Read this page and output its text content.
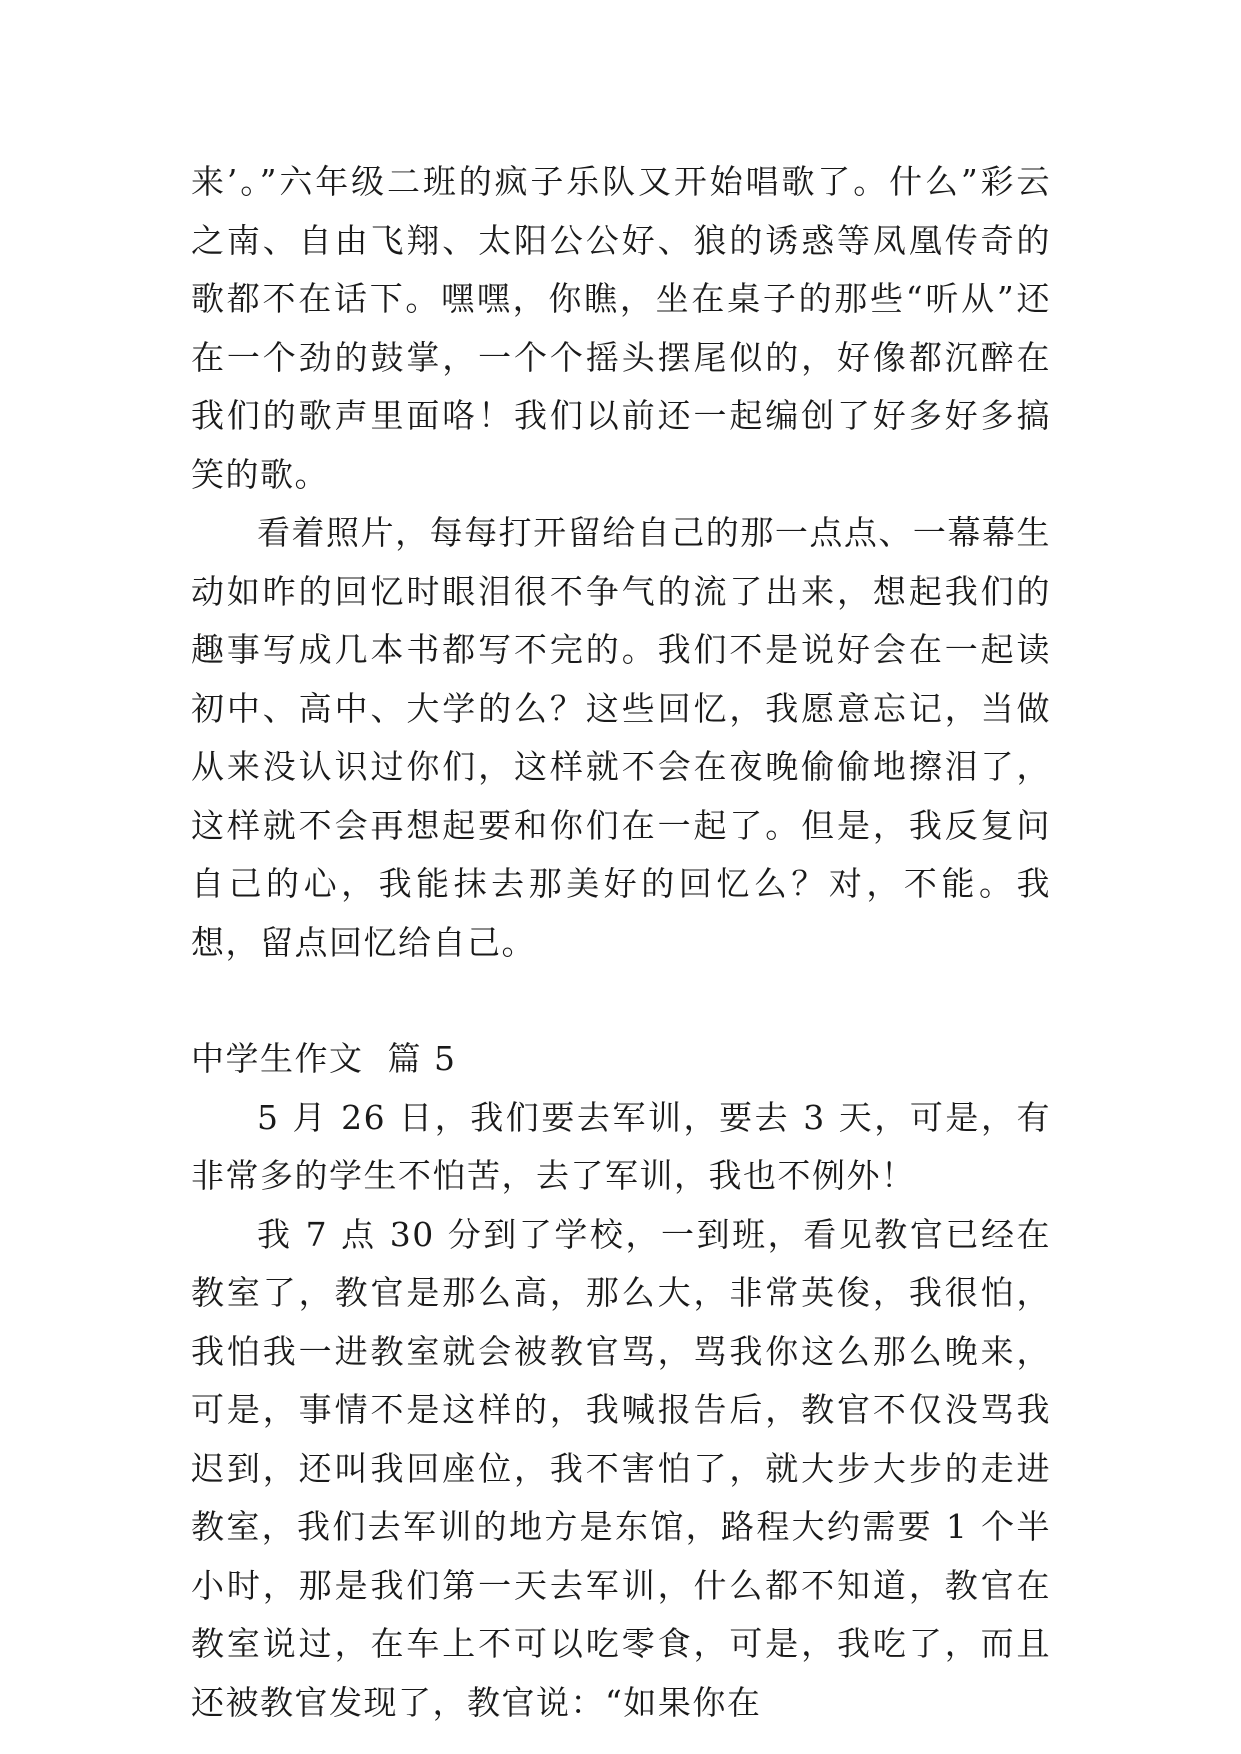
来’。”六年级二班的疯子乐队又开始唱歌了。什么”彩云之南、自由飞翔、太阳公公好、狼的诱惑等凤凰传奇的歌都不在话下。嘿嘿，你瞧，坐在桌子的那些“听从”还在一个劲的鼓掌，一个个摇头摆尾似的，好像都沉醉在我们的歌声里面咯！我们以前还一起编创了好多好多搞笑的歌。

看着照片，每每打开留给自己的那一点点、一幕幕生动如昨的回忆时眼泪很不争气的流了出来，想起我们的趣事写成几本书都写不完的。我们不是说好会在一起读初中、高中、大学的么？这些回忆，我愿意忘记，当做从来没认识过你们，这样就不会在夜晚偷偷地擦泪了，这样就不会再想起要和你们在一起了。但是，我反复问自己的心，我能抹去那美好的回忆么？对，不能。我想，留点回忆给自己。

中学生作文  篇 5

5 月 26 日，我们要去军训，要去 3 天，可是，有非常多的学生不怕苦，去了军训，我也不例外！

我 7 点 30 分到了学校，一到班，看见教官已经在教室了，教官是那么高，那么大，非常英俊，我很怕，我怕我一进教室就会被教官骂，骂我你这么那么晚来，可是，事情不是这样的，我喊报告后，教官不仅没骂我迟到，还叫我回座位，我不害怕了，就大步大步的走进教室，我们去军训的地方是东馆，路程大约需要 1 个半小时，那是我们第一天去军训，什么都不知道，教官在教室说过，在车上不可以吃零食，可是，我吃了，而且还被教官发现了，教官说：“如果你在
